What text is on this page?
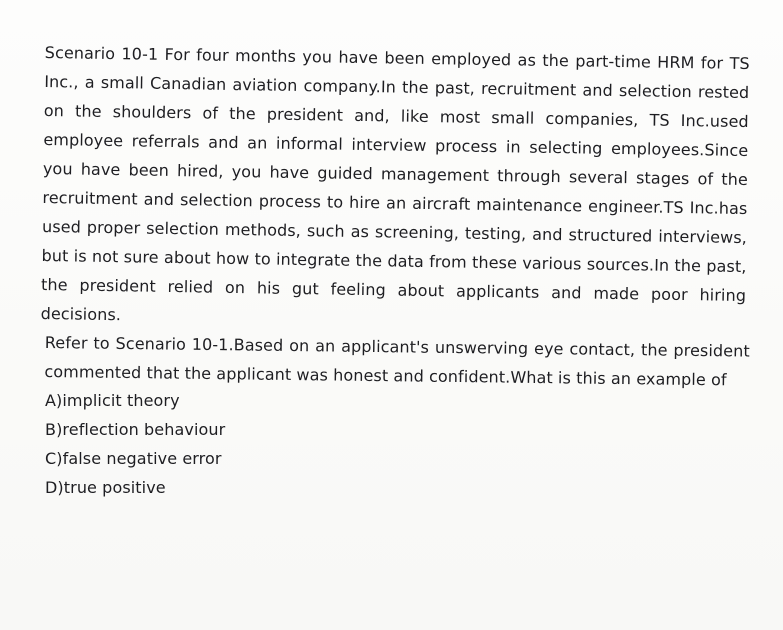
Scenario 10-1 For four months you have been employed as the part-time HRM for TS Inc., a small Canadian aviation company.In the past, recruitment and selection rested on the shoulders of the president and, like most small companies, TS Inc.used employee referrals and an informal interview process in selecting employees.Since you have been hired, you have guided management through several stages of the recruitment and selection process to hire an aircraft maintenance engineer.TS Inc.has used proper selection methods, such as screening, testing, and structured interviews, but is not sure about how to integrate the data from these various sources.In the past, the president relied on his gut feeling about applicants and made poor hiring decisions.

Refer to Scenario 10-1.Based on an applicant's unswerving eye contact, the president commented that the applicant was honest and confident.What is this an example of

A)implicit theory
B)reflection behaviour
C)false negative error
D)true positive
